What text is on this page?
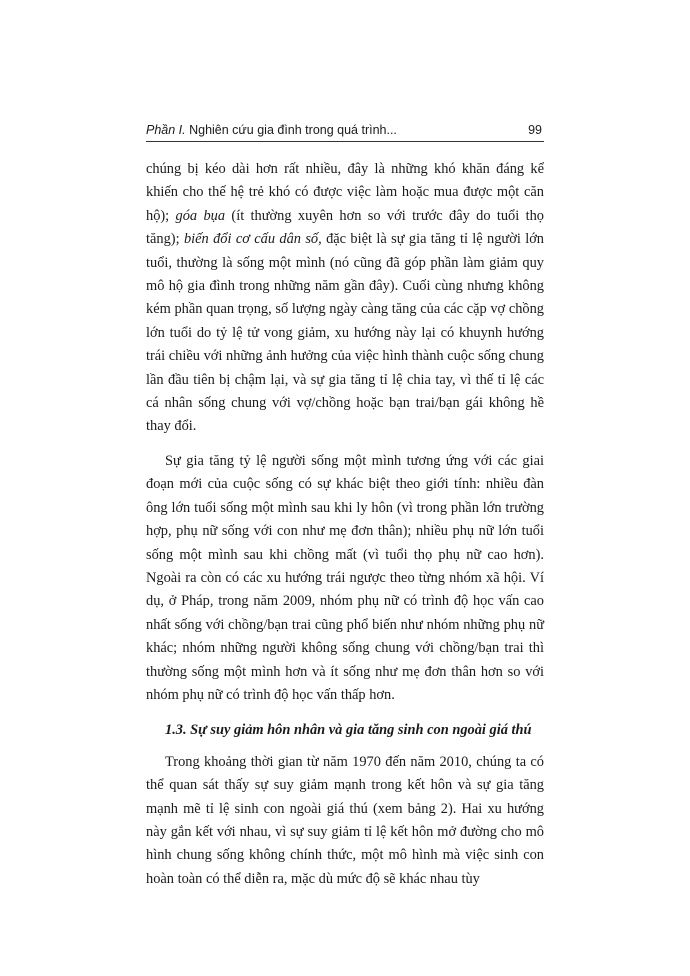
Phần I. Nghiên cứu gia đình trong quá trình...	99

chúng bị kéo dài hơn rất nhiều, đây là những khó khăn đáng kể khiến cho thế hệ trẻ khó có được việc làm hoặc mua được một căn hộ); góa bụa (ít thường xuyên hơn so với trước đây do tuổi thọ tăng); biến đổi cơ cấu dân số, đặc biệt là sự gia tăng tỉ lệ người lớn tuổi, thường là sống một mình (nó cũng đã góp phần làm giảm quy mô hộ gia đình trong những năm gần đây). Cuối cùng nhưng không kém phần quan trọng, số lượng ngày càng tăng của các cặp vợ chồng lớn tuổi do tỷ lệ tử vong giảm, xu hướng này lại có khuynh hướng trái chiều với những ảnh hưởng của việc hình thành cuộc sống chung lần đầu tiên bị chậm lại, và sự gia tăng tỉ lệ chia tay, vì thế tỉ lệ các cá nhân sống chung với vợ/chồng hoặc bạn trai/bạn gái không hề thay đổi.

Sự gia tăng tỷ lệ người sống một mình tương ứng với các giai đoạn mới của cuộc sống có sự khác biệt theo giới tính: nhiều đàn ông lớn tuổi sống một mình sau khi ly hôn (vì trong phần lớn trường hợp, phụ nữ sống với con như mẹ đơn thân); nhiều phụ nữ lớn tuổi sống một mình sau khi chồng mất (vì tuổi thọ phụ nữ cao hơn). Ngoài ra còn có các xu hướng trái ngược theo từng nhóm xã hội. Ví dụ, ở Pháp, trong năm 2009, nhóm phụ nữ có trình độ học vấn cao nhất sống với chồng/bạn trai cũng phổ biến như nhóm những phụ nữ khác; nhóm những người không sống chung với chồng/bạn trai thì thường sống một mình hơn và ít sống như mẹ đơn thân hơn so với nhóm phụ nữ có trình độ học vấn thấp hơn.

1.3. Sự suy giảm hôn nhân và gia tăng sinh con ngoài giá thú

Trong khoảng thời gian từ năm 1970 đến năm 2010, chúng ta có thể quan sát thấy sự suy giảm mạnh trong kết hôn và sự gia tăng mạnh mẽ tỉ lệ sinh con ngoài giá thú (xem bảng 2). Hai xu hướng này gắn kết với nhau, vì sự suy giảm tỉ lệ kết hôn mở đường cho mô hình chung sống không chính thức, một mô hình mà việc sinh con hoàn toàn có thể diễn ra, mặc dù mức độ sẽ khác nhau tùy
